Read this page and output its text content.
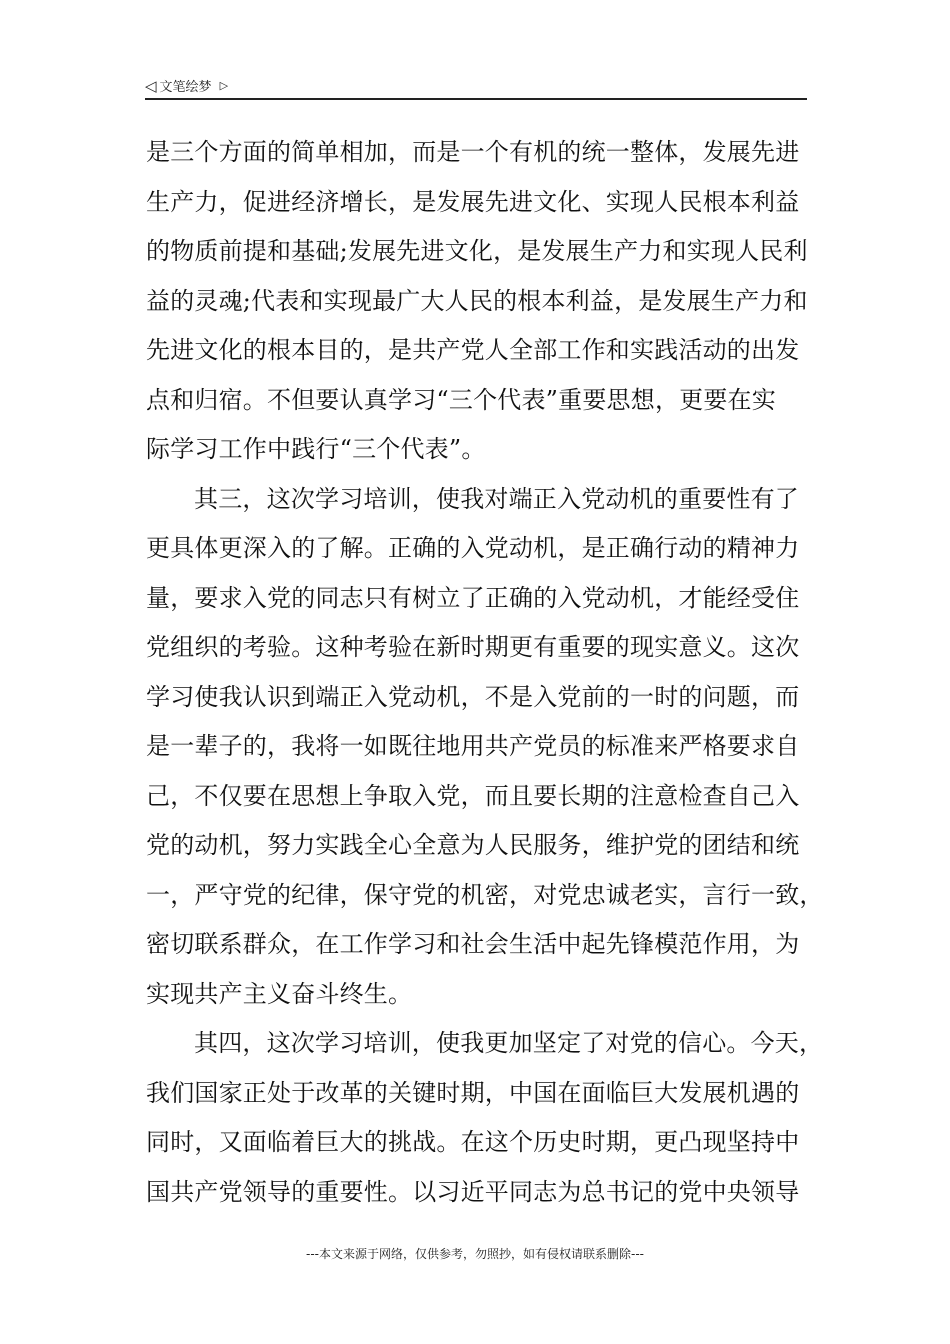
◁ 文笔绘梦 ▷
是三个方面的简单相加，而是一个有机的统一整体，发展先进
生产力，促进经济增长，是发展先进文化、实现人民根本利益
的物质前提和基础;发展先进文化，是发展生产力和实现人民利
益的灵魂;代表和实现最广大人民的根本利益，是发展生产力和
先进文化的根本目的，是共产党人全部工作和实践活动的出发
点和归宿。不但要认真学习“三个代表”重要思想，更要在实
际学习工作中践行“三个代表”。
其三，这次学习培训，使我对端正入党动机的重要性有了
更具体更深入的了解。正确的入党动机，是正确行动的精神力
量，要求入党的同志只有树立了正确的入党动机，才能经受住
党组织的考验。这种考验在新时期更有重要的现实意义。这次
学习使我认识到端正入党动机，不是入党前的一时的问题，而
是一辈子的，我将一如既往地用共产党员的标准来严格要求自
己，不仅要在思想上争取入党，而且要长期的注意检查自己入
党的动机，努力实践全心全意为人民服务，维护党的团结和统
一，严守党的纪律，保守党的机密，对党忠诚老实，言行一致，
密切联系群众，在工作学习和社会生活中起先锋模范作用，为
实现共产主义奋斗终生。
其四，这次学习培训，使我更加坚定了对党的信心。今天，
我们国家正处于改革的关键时期，中国在面临巨大发展机遇的
同时，又面临着巨大的挑战。在这个历史时期，更凸现坚持中
国共产党领导的重要性。以习近平同志为总书记的党中央领导
---本文来源于网络，仅供参考，勿照抄，如有侵权请联系删除---
